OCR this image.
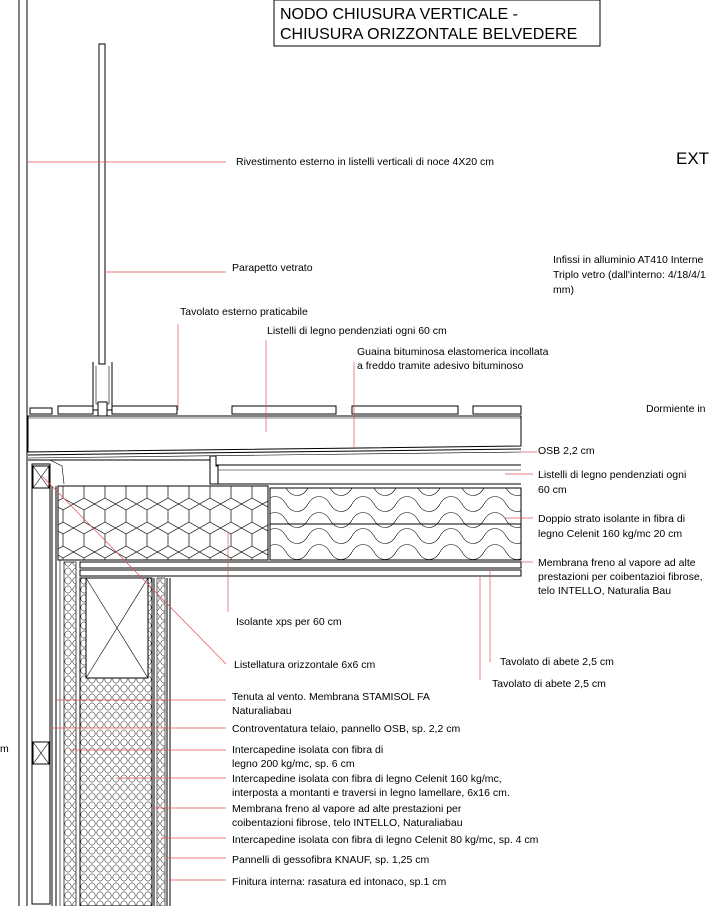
NODO CHIUSURA VERTICALE -
CHIUSURA ORIZZONTALE BELVEDERE
EXT
Infissi in alluminio AT410 Interne
Triplo vetro (dall'interno: 4/18/4/1
mm)
Dormiente in
m
Rivestimento esterno in listelli verticali di noce 4X20 cm
Parapetto vetrato
Tavolato esterno praticabile
Listelli di legno pendenziati ogni 60 cm
Guaina bituminosa elastomerica incollata
a freddo tramite adesivo bituminoso
OSB 2,2 cm
Listelli di legno pendenziati ogni
60 cm
Doppio strato isolante in fibra di
legno Celenit 160 kg/mc 20 cm
Membrana freno al vapore ad alte
prestazioni per coibentazioi fibrose,
telo INTELLO, Naturalia Bau
Isolante xps per 60 cm
Tavolato di abete 2,5 cm
Tavolato di abete 2,5 cm
Listellatura orizzontale 6x6 cm
Tenuta al vento. Membrana STAMISOL FA
Naturaliabau
Controventatura telaio, pannello OSB, sp. 2,2 cm
Intercapedine isolata con fibra di
legno 200 kg/mc, sp. 6 cm
Intercapedine isolata con fibra di legno Celenit 160 kg/mc,
interposta a montanti e traversi in legno lamellare, 6x16 cm.
Membrana freno al vapore ad alte prestazioni per
coibentazioni fibrose, telo INTELLO, Naturaliabau
Intercapedine isolata con fibra di legno Celenit 80 kg/mc, sp. 4 cm
Pannelli di gessofibra KNAUF, sp. 1,25 cm
Finitura interna: rasatura ed intonaco, sp.1 cm
